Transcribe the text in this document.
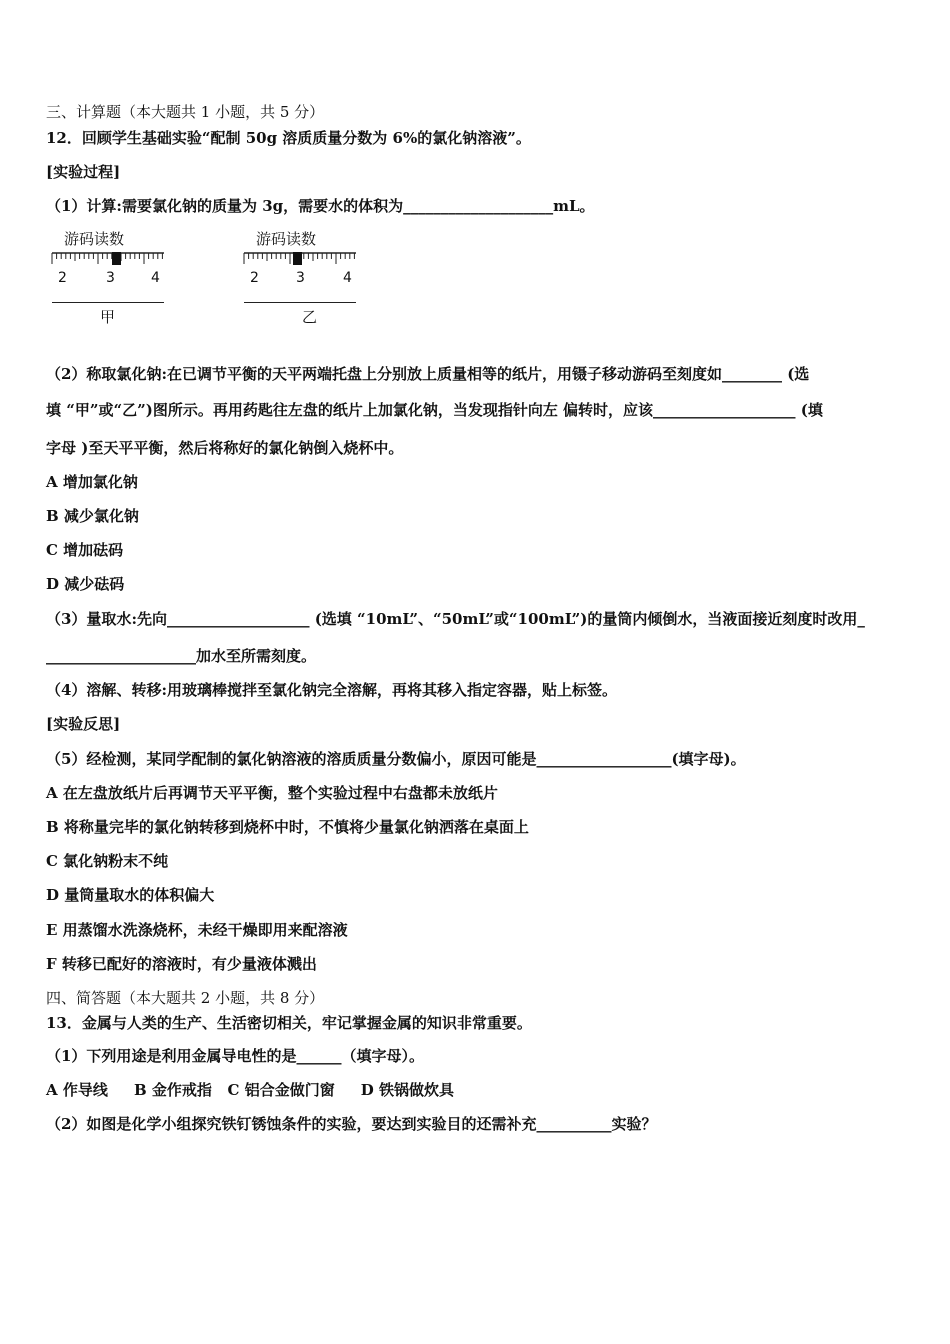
三、计算题（本大题共 1 小题，共 5 分）
12．回顾学生基础实验“配制 50g 溶质质量分数为 6%的氯化钠溶液”。
[实验过程]
（1）计算:需要氯化钠的质量为 3g，需要水的体积为____________________mL。
游码读数
2	3	4
甲
游码读数
2	3	4
乙
（2）称取氯化钠:在已调节平衡的天平两端托盘上分别放上质量相等的纸片，用镊子移动游码至刻度如________ (选
填 “甲”或“乙”)图所示。再用药匙往左盘的纸片上加氯化钠，当发现指针向左 偏转时，应该___________________ (填
字母 )至天平平衡，然后将称好的氯化钠倒入烧杯中。
A 增加氯化钠
B 减少氯化钠
C 增加砝码
D 减少砝码
（3）量取水:先向___________________ (选填 “10mL”、“50mL”或“100mL”)的量筒内倾倒水，当液面接近刻度时改用_
____________________加水至所需刻度。
（4）溶解、转移:用玻璃棒搅拌至氯化钠完全溶解，再将其移入指定容器，贴上标签。
[实验反思]
（5）经检测，某同学配制的氯化钠溶液的溶质质量分数偏小，原因可能是__________________(填字母)。
A 在左盘放纸片后再调节天平平衡，整个实验过程中右盘都未放纸片
B 将称量完毕的氯化钠转移到烧杯中时，不慎将少量氯化钠洒落在桌面上
C 氯化钠粉末不纯
D 量筒量取水的体积偏大
E 用蒸馏水洗涤烧杯，未经干燥即用来配溶液
F 转移已配好的溶液时，有少量液体溅出
四、简答题（本大题共 2 小题，共 8 分）
13．金属与人类的生产、生活密切相关，牢记掌握金属的知识非常重要。
（1）下列用途是利用金属导电性的是______（填字母）。
A 作导线     B 金作戒指   C 铝合金做门窗     D 铁锅做炊具
（2）如图是化学小组探究铁钉锈蚀条件的实验，要达到实验目的还需补充__________实验？
